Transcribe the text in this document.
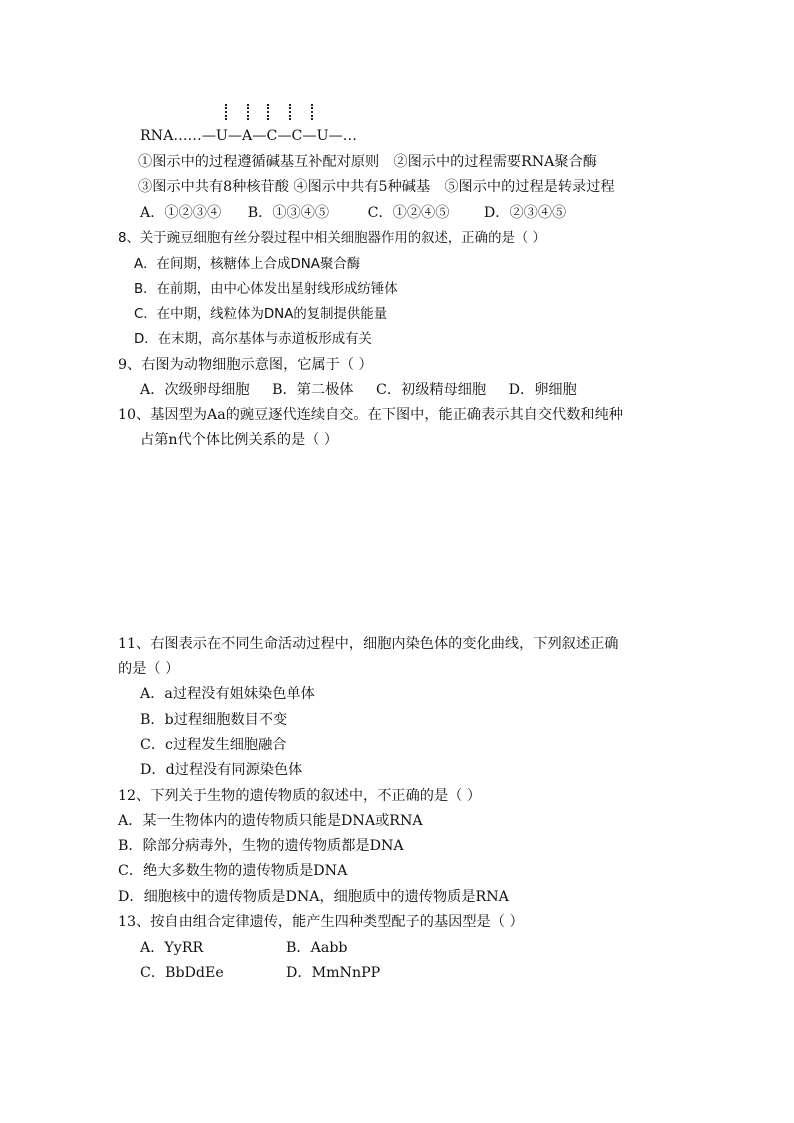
RNA……—U—A—C—C—U—…
①图示中的过程遵循碱基互补配对原则　②图示中的过程需要RNA聚合酶
③图示中共有8种核苷酸 ④图示中共有5种碱基　⑤图示中的过程是转录过程
A．①②③④ B．①③④⑤	C．①②④⑤ D．②③④⑤
8、关于豌豆细胞有丝分裂过程中相关细胞器作用的叙述，正确的是（ ）
A．在间期，核糖体上合成DNA聚合酶
B．在前期，由中心体发出星射线形成纺锤体
C．在中期，线粒体为DNA的复制提供能量
D．在末期，高尔基体与赤道板形成有关
9、右图为动物细胞示意图，它属于（ ）
A．次级卵母细胞 B．第二极体 C．初级精母细胞 D．卵细胞
10、基因型为Aa的豌豆逐代连续自交。在下图中，能正确表示其自交代数和纯种
占第n代个体比例关系的是（ ）
11、右图表示在不同生命活动过程中，细胞内染色体的变化曲线，下列叙述正确
的是（ ）
A．a过程没有姐妹染色单体
B．b过程细胞数目不变
C．c过程发生细胞融合
D．d过程没有同源染色体
12、下列关于生物的遗传物质的叙述中，不正确的是（ ）
A．某一生物体内的遗传物质只能是DNA或RNA
B．除部分病毒外，生物的遗传物质都是DNA
C．绝大多数生物的遗传物质是DNA
D．细胞核中的遗传物质是DNA，细胞质中的遗传物质是RNA
13、按自由组合定律遗传，能产生四种类型配子的基因型是（ ）
A．YyRR	B．Aabb
C．BbDdEe	D．MmNnPP
